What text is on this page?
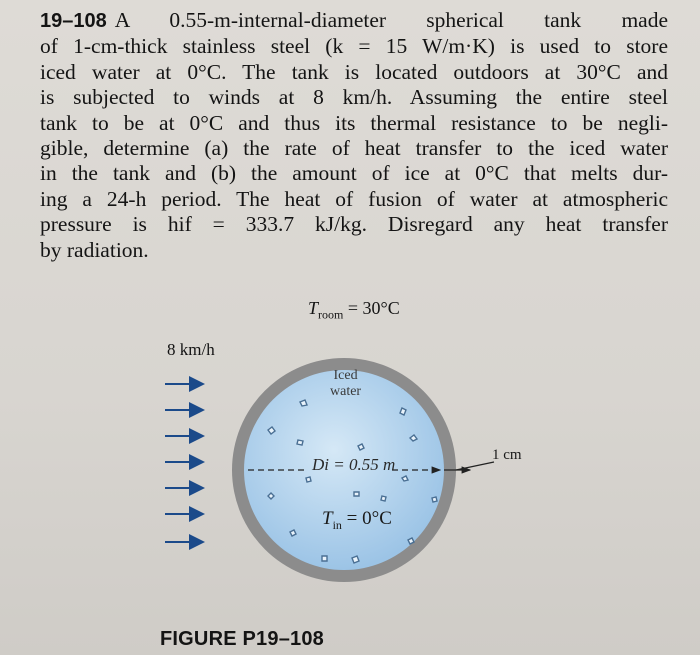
19–108 A 0.55-m-internal-diameter spherical tank made
of 1-cm-thick stainless steel (k = 15 W/m·K) is used to store
iced water at 0°C. The tank is located outdoors at 30°C and
is subjected to winds at 8 km/h. Assuming the entire steel
tank to be at 0°C and thus its thermal resistance to be negli-
gible, determine (a) the rate of heat transfer to the iced water
in the tank and (b) the amount of ice at 0°C that melts dur-
ing a 24-h period. The heat of fusion of water at atmospheric
pressure is hif = 333.7 kJ/kg. Disregard any heat transfer
by radiation.
$T_{room} = 30^\circ C$
8 km/h
Iced
water
Di = 0.55 m
$T_{in} = 0^\circ C$
1 cm
FIGURE P19–108
